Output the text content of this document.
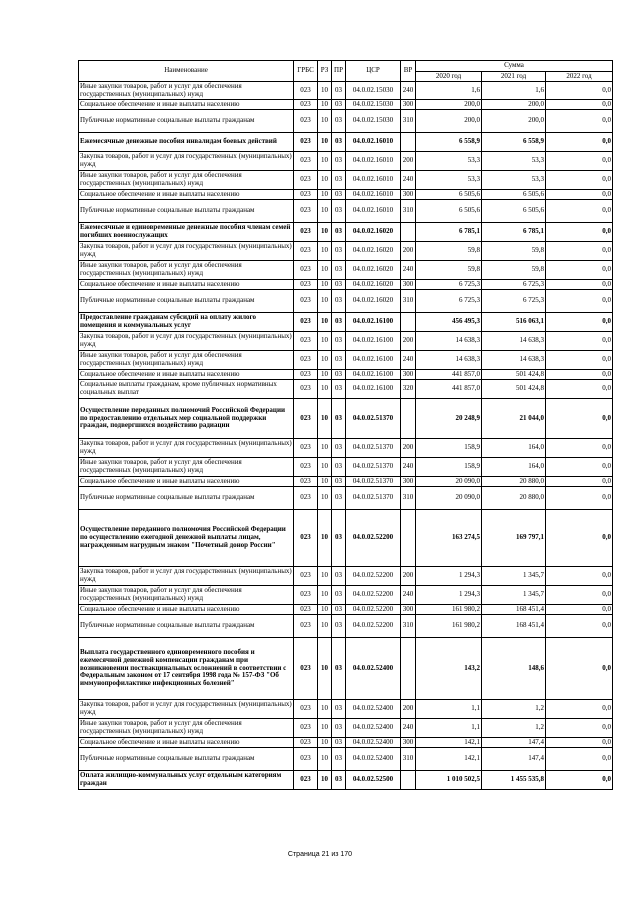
Наименование	ГРБС	РЗ	ПР	ЦСР	ВР	Сумма		
						2020 год	2021 год	2022 год
Иные закупки товаров, работ и услуг для обеспечения государственных (муниципальных) нужд	023	10	03	04.0.02.15030	240	1,6	1,6	0,0
Социальное обеспечение и иные выплаты населению	023	10	03	04.0.02.15030	300	200,0	200,0	0,0
Публичные нормативные социальные выплаты гражданам	023	10	03	04.0.02.15030	310	200,0	200,0	0,0
Ежемесячные денежные пособия инвалидам боевых действий	023	10	03	04.0.02.16010		6 558,9	6 558,9	0,0
Закупка товаров, работ и услуг для государственных (муниципальных) нужд	023	10	03	04.0.02.16010	200	53,3	53,3	0,0
Иные закупки товаров, работ и услуг для обеспечения государственных (муниципальных) нужд	023	10	03	04.0.02.16010	240	53,3	53,3	0,0
Социальное обеспечение и иные выплаты населению	023	10	03	04.0.02.16010	300	6 505,6	6 505,6	0,0
Публичные нормативные социальные выплаты гражданам	023	10	03	04.0.02.16010	310	6 505,6	6 505,6	0,0
Ежемесячные и единовременные денежные пособия членам семей погибших военнослужащих	023	10	03	04.0.02.16020		6 785,1	6 785,1	0,0
Закупка товаров, работ и услуг для государственных (муниципальных) нужд	023	10	03	04.0.02.16020	200	59,8	59,8	0,0
Иные закупки товаров, работ и услуг для обеспечения государственных (муниципальных) нужд	023	10	03	04.0.02.16020	240	59,8	59,8	0,0
Социальное обеспечение и иные выплаты населению	023	10	03	04.0.02.16020	300	6 725,3	6 725,3	0,0
Публичные нормативные социальные выплаты гражданам	023	10	03	04.0.02.16020	310	6 725,3	6 725,3	0,0
Предоставление гражданам субсидий на оплату жилого помещения и коммунальных услуг	023	10	03	04.0.02.16100		456 495,3	516 063,1	0,0
Закупка товаров, работ и услуг для государственных (муниципальных) нужд	023	10	03	04.0.02.16100	200	14 638,3	14 638,3	0,0
Иные закупки товаров, работ и услуг для обеспечения государственных (муниципальных) нужд	023	10	03	04.0.02.16100	240	14 638,3	14 638,3	0,0
Социальное обеспечение и иные выплаты населению	023	10	03	04.0.02.16100	300	441 857,0	501 424,8	0,0
Социальные выплаты гражданам, кроме публичных нормативных социальных выплат	023	10	03	04.0.02.16100	320	441 857,0	501 424,8	0,0
Осуществление переданных полномочий Российской Федерации по предоставлению отдельных мер социальной поддержки граждан, подвергшихся воздействию радиации	023	10	03	04.0.02.51370		20 248,9	21 044,0	0,0
Закупка товаров, работ и услуг для государственных (муниципальных) нужд	023	10	03	04.0.02.51370	200	158,9	164,0	0,0
Иные закупки товаров, работ и услуг для обеспечения государственных (муниципальных) нужд	023	10	03	04.0.02.51370	240	158,9	164,0	0,0
Социальное обеспечение и иные выплаты населению	023	10	03	04.0.02.51370	300	20 090,0	20 880,0	0,0
Публичные нормативные социальные выплаты гражданам	023	10	03	04.0.02.51370	310	20 090,0	20 880,0	0,0
Осуществление переданного полномочия Российской Федерации по осуществлению ежегодной денежной выплаты лицам, награжденным нагрудным знаком "Почетный донор России"	023	10	03	04.0.02.52200		163 274,5	169 797,1	0,0
Закупка товаров, работ и услуг для государственных (муниципальных) нужд	023	10	03	04.0.02.52200	200	1 294,3	1 345,7	0,0
Иные закупки товаров, работ и услуг для обеспечения государственных (муниципальных) нужд	023	10	03	04.0.02.52200	240	1 294,3	1 345,7	0,0
Социальное обеспечение и иные выплаты населению	023	10	03	04.0.02.52200	300	161 980,2	168 451,4	0,0
Публичные нормативные социальные выплаты гражданам	023	10	03	04.0.02.52200	310	161 980,2	168 451,4	0,0
Выплата государственного единовременного пособия и ежемесячной денежной компенсации гражданам при возникновении поствакцинальных осложнений в соответствии с Федеральным законом от 17 сентября 1998 года № 157-ФЗ "Об иммунопрофилактике инфекционных болезней"	023	10	03	04.0.02.52400		143,2	148,6	0,0
Закупка товаров, работ и услуг для государственных (муниципальных) нужд	023	10	03	04.0.02.52400	200	1,1	1,2	0,0
Иные закупки товаров, работ и услуг для обеспечения государственных (муниципальных) нужд	023	10	03	04.0.02.52400	240	1,1	1,2	0,0
Социальное обеспечение и иные выплаты населению	023	10	03	04.0.02.52400	300	142,1	147,4	0,0
Публичные нормативные социальные выплаты гражданам	023	10	03	04.0.02.52400	310	142,1	147,4	0,0
Оплата жилищно-коммунальных услуг отдельным категориям граждан	023	10	03	04.0.02.52500		1 010 502,5	1 455 535,8	0,0
Страница 21 из 170
